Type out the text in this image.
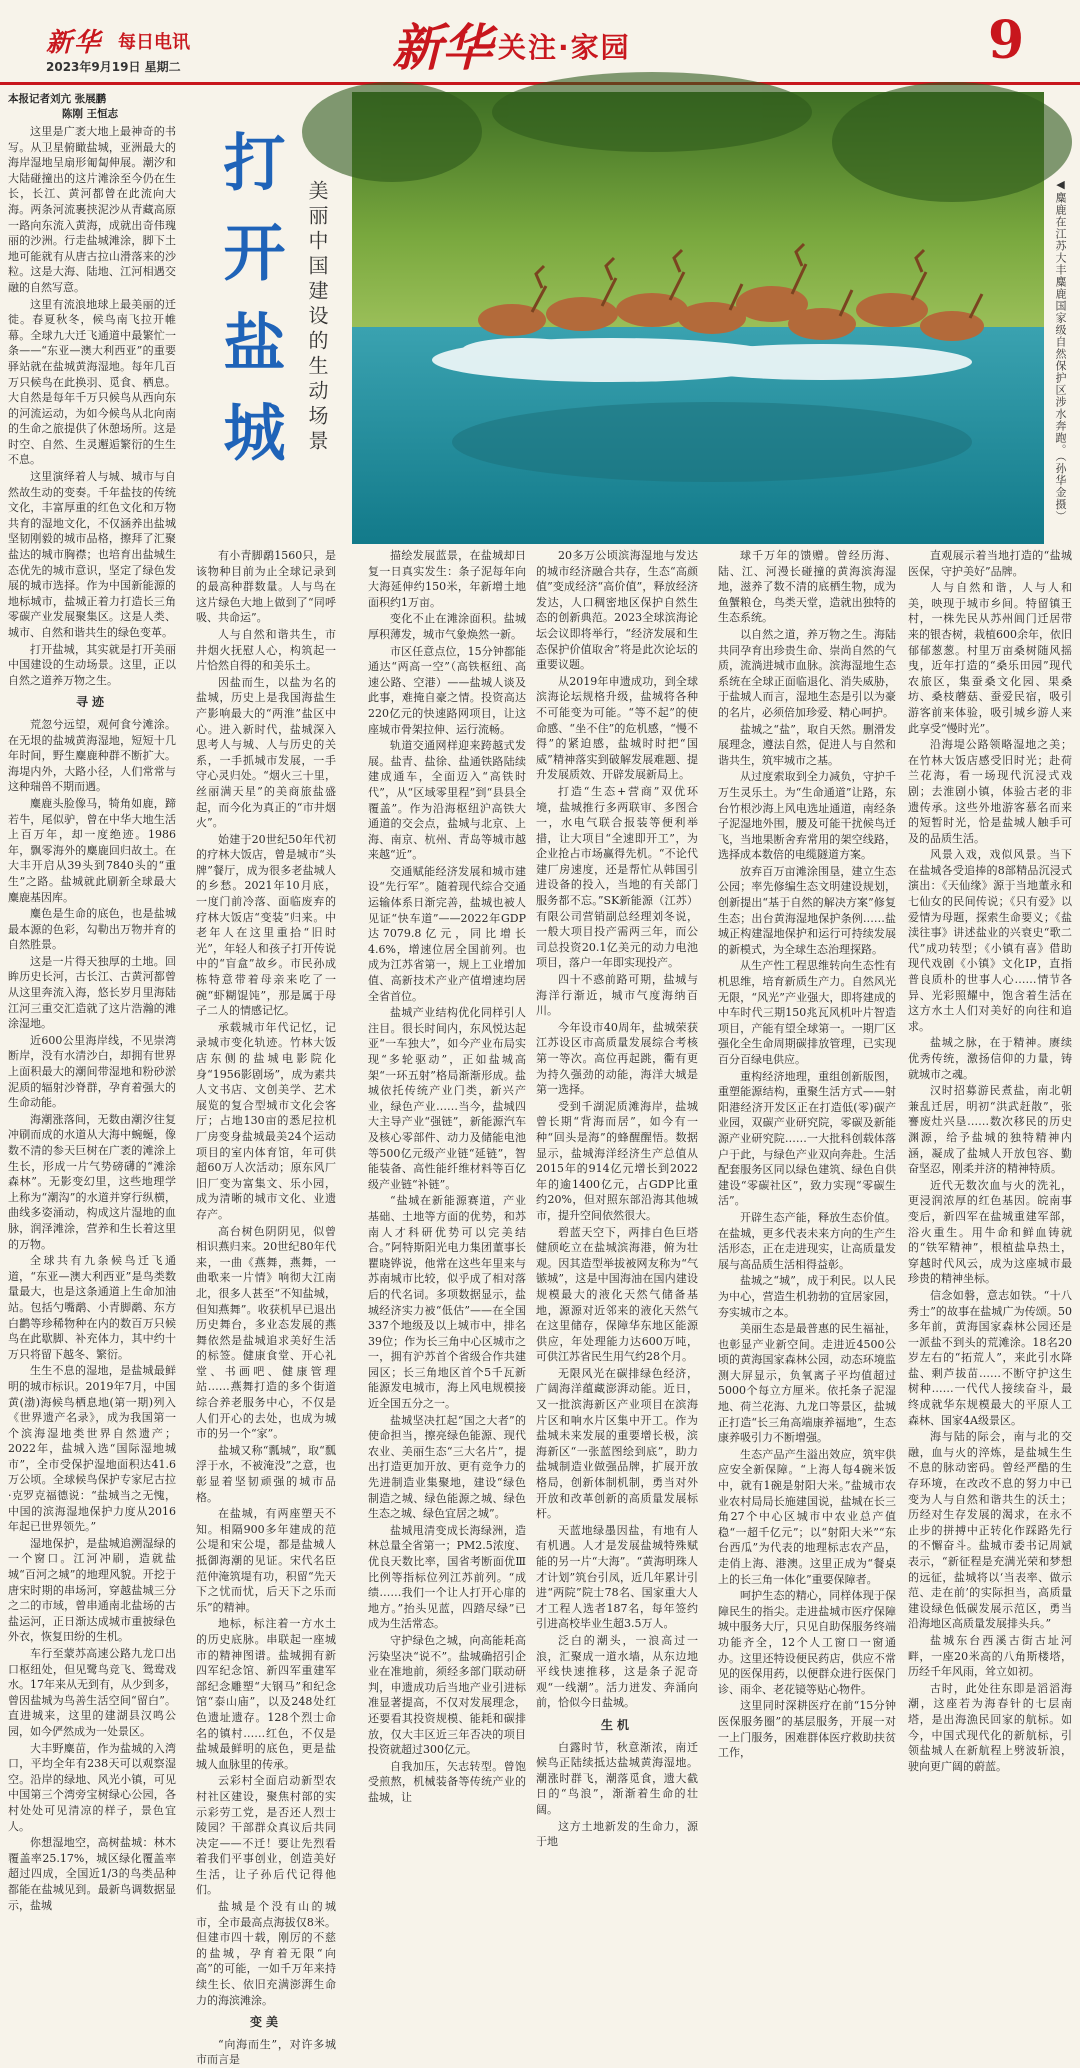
新华 每日电讯
2023年9月19日 星期二	新华 关注·家园	9
本报记者刘亢 张展鹏
陈刚 王恒志

这里是广袤大地上最神奇的书写。从卫星俯瞰盐城，亚洲最大的海岸湿地呈扇形匍匐伸展。潮汐和大陆碰撞出的这片滩涂至今仍在生长，长江、黄河都曾在此流向大海。两条河流裹挟泥沙从青藏高原一路向东流入黄海，成就出奇伟瑰丽的沙洲。行走盐城滩涂，脚下土地可能就有从唐古拉山滑落来的沙粒。这是大海、陆地、江河相遇交融的自然写意。

这里有流浪地球上最美丽的迁徙。春夏秋冬，候鸟南飞拉开帷幕。全球九大迁飞通道中最繁忙一条——“东亚—澳大利西亚”的重要驿站就在盐城黄海湿地。每年几百万只候鸟在此换羽、觅食、栖息。大自然是每年千万只候鸟从西向东的河流运动，为如今候鸟从北向南的生命之旅提供了休憩场所。这是时空、自然、生灵邂逅繁衍的生生不息。

这里演绎着人与城、城市与自然故生动的变奏。千年盐技的传统文化，丰富厚重的红色文化和万物共育的湿地文化，不仅涵养出盐城坚韧刚毅的城市品格，擦拜了汇聚盐达的城市胸襟；也培育出盐城生态优先的城市意识，坚定了绿色发展的城市选择。作为中国新能源的地标城市，盐城正着力打造长三角零碳产业发展聚集区。这是人类、城市、自然和谐共生的绿色变革。

打开盐城，其实就是打开美丽中国建设的生动场景。这里，正以自然之道养万物之生。

寻迹

荒忽兮远望，观何食兮滩涂。在无垠的盐城黄海湿地，短短十几年时间，野生麋鹿种群不断扩大。海堤内外，大路小径，人们常常与这种瑞兽不期而遇。

麋鹿头脸像马，犄角如鹿，蹄若牛，尾似驴，曾在中华大地生活上百万年，却一度绝迹。1986年，飘零海外的麋鹿回归故土。在大丰开启从39头到7840头的“重生”之路。盐城就此刷新全球最大麋鹿基因库。

麋色是生命的底色，也是盐城最本源的色彩，勾勒出万物并育的自然胜景。

这是一片得天独厚的土地。回眸历史长河，古长江、古黄河都曾从这里奔流入海，悠长岁月里海陆江河三重交汇造就了这片浩瀚的滩涂湿地。

近600公里海岸线，不见崇湾断岸，没有水清沙白，却拥有世界上面积最大的潮间带湿地和粉砂淤泥质的辐射沙脊群，孕育着强大的生命动能。

海潮涨落间，无数由潮汐往复冲刷而成的水道从大海中蜿蜒，像数不清的参天巨树在广袤的滩涂上生长，形成一片气势磅礴的“滩涂森林”。无影变幻里，这些地理学上称为“潮沟”的水道并穿行纵横，曲线多姿涌动，构成这片湿地的血脉，润泽滩涂，营养和生长着这里的万物。

全球共有九条候鸟迁飞通道，“东亚—澳大利西亚”是鸟类数量最大，也是这条通道上生命加油站。包括勺嘴鹬、小青脚鹬、东方白鹳等珍稀物种在内的数百万只候鸟在此歇脚、补充体力，其中约十万只将留下越冬、繁衍。

生生不息的湿地，是盐城最鲜明的城市标识。2019年7月，中国黄(渤)海候鸟栖息地(第一期)列入《世界遗产名录》，成为我国第一个滨海湿地类世界自然遗产；2022年，盐城入选“国际湿地城市”，全市受保护湿地面积达41.6万公顷。全球候鸟保护专家尼古拉·克罗克福德说：“盐城当之无愧，中国的滨海湿地保护力度从2016年起已世界领先。”

湿地保护，是盐城追溯湿绿的一个窗口。江河冲刷，造就盐城“百河之城”的地理风貌。开挖于唐宋时期的串场河，穿越盐城三分之二的市域，曾串通南北盐场的古盐运河，正日渐达成城市重披绿色外衣，恢复田纷的生机。

车行至蒙苏高速公路九龙口出口枢纽处，但见鹭鸟竞飞、鸳鸯戏水。17年来从无到有，从少到多，曾因盐城为鸟善生活空间“留白”。直进城来，这里的建湖县汉鸣公园，如今俨然成为一处景区。

大丰野麋苗，作为盐城的入湾口，平均全年有238天可以观察湿空。沿岸的绿地、风光小镇，可见中国第三个湾旁宝树绿心公园，各村处处可见清凉的样子，景色宜人。

你想湿地空，高树盐城：林木覆盖率25.17%，城区绿化覆盖率超过四成，全国近1/3的鸟类品种都能在盐城见到。最新鸟调数据显示，盐城

打开盐城 美丽中国建设的生动场景	◀麋鹿在江苏大丰麋鹿国家级自然保护区涉水奔跑。（孙华金摄）

有小青脚鹬1560只，是该物种目前为止全球记录到的最高种群数量。人与鸟在这片绿色大地上做到了“同呼吸、共命运”。

人与自然和谐共生，市井烟火抚慰人心，构筑起一片恰然自得的和美乐土。

因盐而生，以盐为名的盐城，历史上是我国海盐生产影响最大的“两淮”盐区中心。进入新时代，盐城深入思考人与城、人与历史的关系，一手抓城市发展，一手守心灵归处。“烟火三十里，丝丽满天星”的美商旅盐盛起，而今化为真正的“市井烟火”。

始建于20世纪50年代初的疗林大饭店，曾是城市“头牌”餐厅，成为很多老盐城人的乡愁。2021年10月底，一度门前冷落、面临废弃的疗林大饭店“变装”归来。中老年人在这里重拾“旧时光”，年轻人和孩子打开传说中的“盲盒”故乡。市民孙成栋特意带着母亲来吃了一碗“虾糊馄饨”，那是属于母子二人的情感记忆。

承载城市年代记忆，记录城市变化轨迹。竹林大饭店东侧的盐城电影院化身“1956影剧场”，成为素共人文书店、文创美学、艺术展览的复合型城市文化会客厅；占地130亩的悉尼拉机厂房变身盐城最美24个运动项目的室内体育馆，年可供超60万人次活动；原东风厂旧厂变为富集文、乐小园，成为清晰的城市文化、业遗存产。

高台树色阴阴见，似曾相识燕归来。20世纪80年代来，一曲《燕舞，燕舞，一曲歌来一片情》响彻大江南北，很多人甚至“不知盐城，但知燕舞”。收获机早已退出历史舞台，多业态发展的燕舞依然是盐城追求美好生活的标签。健康食堂、开心礼堂、书画吧、健康管理站……燕舞打造的多个街道综合养老服务中心，不仅是人们开心的去处，也成为城市的另一个“家”。

盐城又称“瓢城”，取“瓢浮于水，不被淹没”之意，也彰显着坚韧顽强的城市品格。

在盐城，有两座塑天不知。相隔900多年建成的范公堤和宋公堤，都是盐城人抵御海潮的见证。宋代名臣范仲淹筑堤有功，积留“先天下之忧而忧，后天下之乐而乐”的精神。

地标，标注着一方水土的历史底脉。串联起一座城市的精神图谱。盐城拥有新四军纪念馆、新四军重建军部纪念雕塑“大钢马”和纪念馆“泰山庙”，以及248处红色遗址遗存。128个烈士命名的镇村……红色，不仅是盐城最鲜明的底色，更是盐城人血脉里的传承。

云彩村全面启动新型农村社区建设，聚焦村部的实示彩劳工党，是否还人烈士陵园？干部群众真议后共同决定——不迁！要让先烈看着我们平事创业，创造美好生活，让子孙后代记得他们。

盐城是个没有山的城市，全市最高点海拔仅8米。但建市四十载，刚厉的不慈的盐城，孕育着无限“向高”的可能，一如千万年来持续生长、依旧充满澎湃生命力的海滨滩涂。

变美

“向海而生”，对许多城市而言是

描绘发展蓝景，在盐城却日复一日真实发生：条子泥每年向大海延伸约150米，年新增土地面积约1万亩。

变化不止在滩涂面积。盐城厚积薄发，城市气象焕然一新。

市区任意点位，15分钟都能通达“两高一空”（高铁枢纽、高速公路、空港）——盐城人谈及此事，难掩自豪之情。投资高达220亿元的快速路网项目，让这座城市骨架拉伸、运行流畅。

轨道交通网样迎来跨越式发展。盐青、盐徐、盐通铁路陆续建成通车，全面迈入“高铁时代”，从“区域零里程”到“县县全覆盖”。作为沿海枢纽沪高铁大通道的交会点，盐城与北京、上海、南京、杭州、青岛等城市越来越“近”。

交通赋能经济发展和城市建设“先行军”。随着现代综合交通运输体系日渐完善，盐城也被人见证“快车道”——2022年GDP达7079.8亿元，同比增长4.6%，增速位居全国前列。也成为江苏省第一，规上工业增加值、高新技术产业产值增速均居全省首位。

盐城产业结构优化同样引人注目。很长时间内，东风悦达起亚“一车独大”，如今产业布局实现“多轮驱动”，正如盐城高架“一环五射”格局渐渐形成。盐城依托传统产业门类，新兴产业，绿色产业……当今，盐城四大主导产业“强链”，新能源汽车及核心零部件、动力及储能电池等500亿元级产业链“延链”，智能装备、高性能纤维材料等百亿级产业链“补链”。

“盐城在新能源赛道，产业基础、土地等方面的优势，和苏南人才科研优势可以完美结合。”阿特斯阳光电力集团董事长瞿晓铧说，他常在这些年里来与苏南城市比较，似乎成了相对落后的代名词。多项数据显示，盐城经济实力被“低估”——在全国337个地级及以上城市中，排名39位；作为长三角中心区城市之一，拥有沪苏首个省级合作共建园区；长三角地区首个5千瓦新能源发电城市，海上风电规模接近全国五分之一。

盐城坚决扛起“国之大者”的使命担当，擦亮绿色能源、现代农业、美丽生态“三大名片”，提出打造更加开放、更有竞争力的先进制造业集聚地，建设“绿色制造之城、绿色能源之城、绿色生态之城、绿色宜居之城”。

盐城甩清变成长海绿洲，造林总量全省第一；PM2.5浓度、优良天数比率，国省考断面优Ⅲ比例等指标位列江苏前列。“成绩……我们一个让人打开心扉的地方。”抬头见蓝，四踏尽绿”已成为生活常态。

守护绿色之城，向高能耗高污染坚决“说不”。盐城确招引企业在准地前，须经多部门联动研判，申遗成功后当地产业引进标准显著提高，不仅对发展理念，还要看其投资规模、能耗和碳排放，仅大丰区近三年否决的项目投资就超过300亿元。

自我加压，矢志转型。曾饱受煎熬，机械装备等传统产业的盐城，让

20多万公顷滨海湿地与发达的城市经济融合共存，生态“高颜值”变成经济“高价值”，释放经济发达，人口稠密地区保护自然生态的创新典范。2023全球滨海论坛会议即将举行，“经济发展和生态保护价值取舍”将是此次论坛的重要议题。

从2019年申遗成功，到全球滨海论坛规格升级，盐城将各种不可能变为可能。“等不起”的使命感、“坐不住”的危机感，“慢不得”的紧迫感，盐城时时把“国威”精神落实到破解发展难题、提升发展质效、开辟发展新局上。

打造“生态+营商”双优环境，盐城推行多两联审、多图合一，水电气联合报装等便利举措，让大项目“全速即开工”，为企业抢占市场赢得先机。“不论代建厂房速度，还是帮忙从韩国引进设备的投入，当地的有关部门服务都不忘。”SK新能源（江苏）有限公司营销副总经理刘冬说，一般大项目投产需两三年，而公司总投资20.1亿美元的动力电池项目，落户一年即实现投产。

四十不惑前路可期，盐城与海洋行渐近，城市气度海纳百川。

今年设市40周年，盐城荣获江苏设区市高质量发展综合考核第一等次。高位再起跳，衢有更为持久强劲的动能，海洋大城是第一选择。

受到千湖泥质滩海岸，盐城曾长期“背海而居”，如今有一种“回头是海”的蜂醒醒悟。数据显示，盐城海洋经济生产总值从2015年的914亿元增长到2022年的逾1400亿元，占GDP比重约20%，但对照东部沿海其他城市，提升空间依然很大。

碧蓝天空下，两排白色巨塔健颀屹立在盐城滨海港，俯为壮观。因其造型举拔被网友称为“气镞城”，这是中国海油在国内建设规模最大的液化天然气储备基地，源源对近邻来的液化天然气在这里储存，保障华东地区能源供应，年处理能力达600万吨，可供江苏省民生用气约28个月。

无限风光在碳排绿色经济，广阔海洋蕴藏澎湃动能。近日，又一批滨海新区产业项目在滨海片区和响水片区集中开工。作为盐城未来发展的重要增长极，滨海新区“一张蓝图绘到底”，助力盐城制造业做强品牌，扩展开放格局，创新体制机制，勇当对外开放和改革创新的高质量发展标杆。

天蓝地绿墨因盐，有地有人有机遇。人才是发展盐城特殊赋能的另一片“大海”。“黄海明珠人才计划”筑台引凤，近几年累计引进“两院”院士78名、国家重大人才工程人选者187名，每年签约引进高校毕业生超3.5万人。

泛白的潮头，一浪高过一浪，汇聚成一道水墙，从东边地平线快速推移，这是条子泥奇观“一线潮”。活力迸发、奔涌向前，恰似今日盐城。

生机

白露时节，秋意渐浓，南迁候鸟正陆续抵达盐城黄海湿地。潮涨时群飞，潮落觅食，遗大截日的“鸟浪”，渐渐着生命的壮阔。

这方土地新发的生命力，源于地

球千万年的馈赠。曾经历海、陆、江、河漫长碰撞的黄海滨海湿地，滋养了数不清的底栖生物，成为鱼蟹粮仓，鸟类天堂，造就出独特的生态系统。

以自然之道，养万物之生。海陆共同孕育出珍贵生命、崇尚自然的气质，流淌进城市血脉。滨海湿地生态系统在全球正面临退化、消失威胁，于盐城人而言，湿地生态是引以为豪的名片，必须倍加珍爱、精心呵护。

盐城之“盐”，取自天然。删滑发展理念，遵法自然，促进人与自然和谐共生，筑牢城市之基。

从过度索取到全力减负，守护千万生灵乐土。为“生命通道”让路，东台竹根沙海上风电选址通道，南经条子泥湿地外围，腰及可能干扰候鸟迁飞，当地果断舍弃常用的架空线路，选择成本数倍的电缆隧道方案。

放弃百万亩滩涂围垦，建立生态公园；率先修编生态文明建设规划，创新提出“基于自然的解决方案”修复生态；出台黄海湿地保护条例……盐城正构建湿地保护和运行可持续发展的新模式，为全球生态治理探路。

从生产性工程思维转向生态性有机思维，培育新质生产力。自然风光无限，“风光”产业强大，即将建成的中车时代三期150兆瓦风机叶片智造项目，产能有望全球第一。一期厂区强化全生命周期碳排放管理，已实现百分百绿电供应。

重构经济地理，重组创新版图，重塑能源结构，重聚生活方式——射阳港经济开发区正在打造低(零)碳产业园，双碳产业研究院，零碳及新能源产业研究院……一大批科创载体落户于此，与绿色产业双向奔赴。生活配套服务区同以绿色建筑、绿色自供建设“零碳社区”，致力实现“零碳生活”。

开辟生态产能，释放生态价值。在盐城，更多代表未来方向的生产生活形态，正在走进现实，让高质量发展与高品质生活相得益彰。

盐城之“城”，成于利民。以人民为中心，营造生机勃勃的宜居家园，夯实城市之本。

美丽生态是最普惠的民生福祉，也彰显产业新空间。走进近4500公顷的黄海国家森林公园，动态环境监测大屏显示，负氧离子平均值超过5000个每立方厘米。依托条子泥湿地、荷兰花海、九龙口等景区，盐城正打造“长三角高端康养福地”，生态康养吸引力不断增强。

生态产品产生溢出效应，筑牢供应安全新保障。“上海人每4碗米饭中，就有1碗是射阳大米。”盐城市农业农村局局长施建国说，盐城在长三角27个中心区城市中农业总产值稳“一超千亿元”；以“射阳大米”“东台西瓜”为代表的地理标志农产品，走俏上海、港澳。这里正成为“餐桌上的长三角一体化”重要保障者。

呵护生态的精心，同样体现于保障民生的指尖。走进盐城市医疗保障城中服务大厅，只见自助保服务终端功能齐全，12个人工窗口一窗通办。这里还特设便民药店，供应不常见的医保用药，以便群众进行医保门诊、雨伞、老花镜等贴心物件。

这里同时深耕医疗在前“15分钟医保服务圈”的基层服务，开展一对一上门服务，困难群体医疗救助扶贫工作，

直观展示着当地打造的“盐城医保，守护美好”品牌。

人与自然和谐，人与人和美，映现于城市乡间。特留镇王村，一株先民从苏州阊门迁居带来的银杏树，栽植600余年，依旧郁郁葱葱。村里万亩桑树随风摇曳，近年打造的“桑乐田园”现代农旅区，集蚕桑文化园、果桑坊、桑枝蘑菇、蚕爱民宿，吸引游客前来体验，吸引城乡游人来此享受“慢时光”。

沿海堤公路领略湿地之美；在竹林大饭店感受旧时光；赴荷兰花海，看一场现代沉浸式戏剧；去淮剧小镇，体验古老的非遗传承。这些外地游客慕名而来的短暂时光，恰是盐城人触手可及的品质生活。

风景入戏，戏似风景。当下在盐城各受追捧的8部精品沉浸式演出：《天仙缘》源于当地董永和七仙女的民间传说；《只有爱》以爱情为母题，探索生命要义；《盐渎往事》讲述盐业的兴衰史“歌二代”成功转型；《小镇有喜》借助现代戏剧《小镇》文化IP，直指普良质朴的世事人心……情节各异、光彩照耀中，饱含着生活在这方水土人们对美好的向往和追求。

盐城之脉，在于精神。赓续优秀传统，激扬信仰的力量，铸就城市之魂。

汉时招募游民煮盐，南北朝兼乱迁居，明初“洪武赶散”，张謇废灶兴垦……数次移民的历史渊源，给予盐城的独特精神内涵，凝成了盐城人开放包容、勤奋坚忍，刚柔并济的精神特质。

近代无数次血与火的洗礼，更浸润浓厚的红色基因。皖南事变后，新四军在盐城重建军部，浴火重生。用牛命和鲜血铸就的“铁军精神”，根植盐阜热土，穿越时代风云，成为这座城市最珍贵的精神坐标。

信念如磐，意志如铁。“十八秀士”的故事在盐城广为传颂。50多年前，黄海国家森林公园还是一派盐不到头的荒滩涂。18名20岁左右的“拓荒人”，来此引水降盐、剩芦拔苗……不断守护这生树种……一代代人接续奋斗，最终成就华东规模最大的平原人工森林、国家4A级景区。

海与陆的际会，南与北的交融，血与火的淬炼，是盐城生生不息的脉动密码。曾经严酷的生存环境，在改改不息的努力中已变为人与自然和谐共生的沃土；历经对生存发展的渴求，在永不止步的拼搏中正转化作踩路先行的不懈奋斗。盐城市委书记周斌表示，“新征程是充满光荣和梦想的远征，盐城将以‘当表率、做示范、走在前’的实际担当，高质量建设绿色低碳发展示范区，勇当沿海地区高质量发展排头兵。”

盐城东台西溪古街古址河畔，一座20米高的八角斯楼塔，历经千年风雨，耸立如初。

古时，此处往东即是滔滔海潮，这座若为海春针的七层南塔，是出海漁民回家的航标。如今，中国式现代化的新航标，引领盐城人在新航程上劈波斩浪，驶向更广阔的蔚蓝。
